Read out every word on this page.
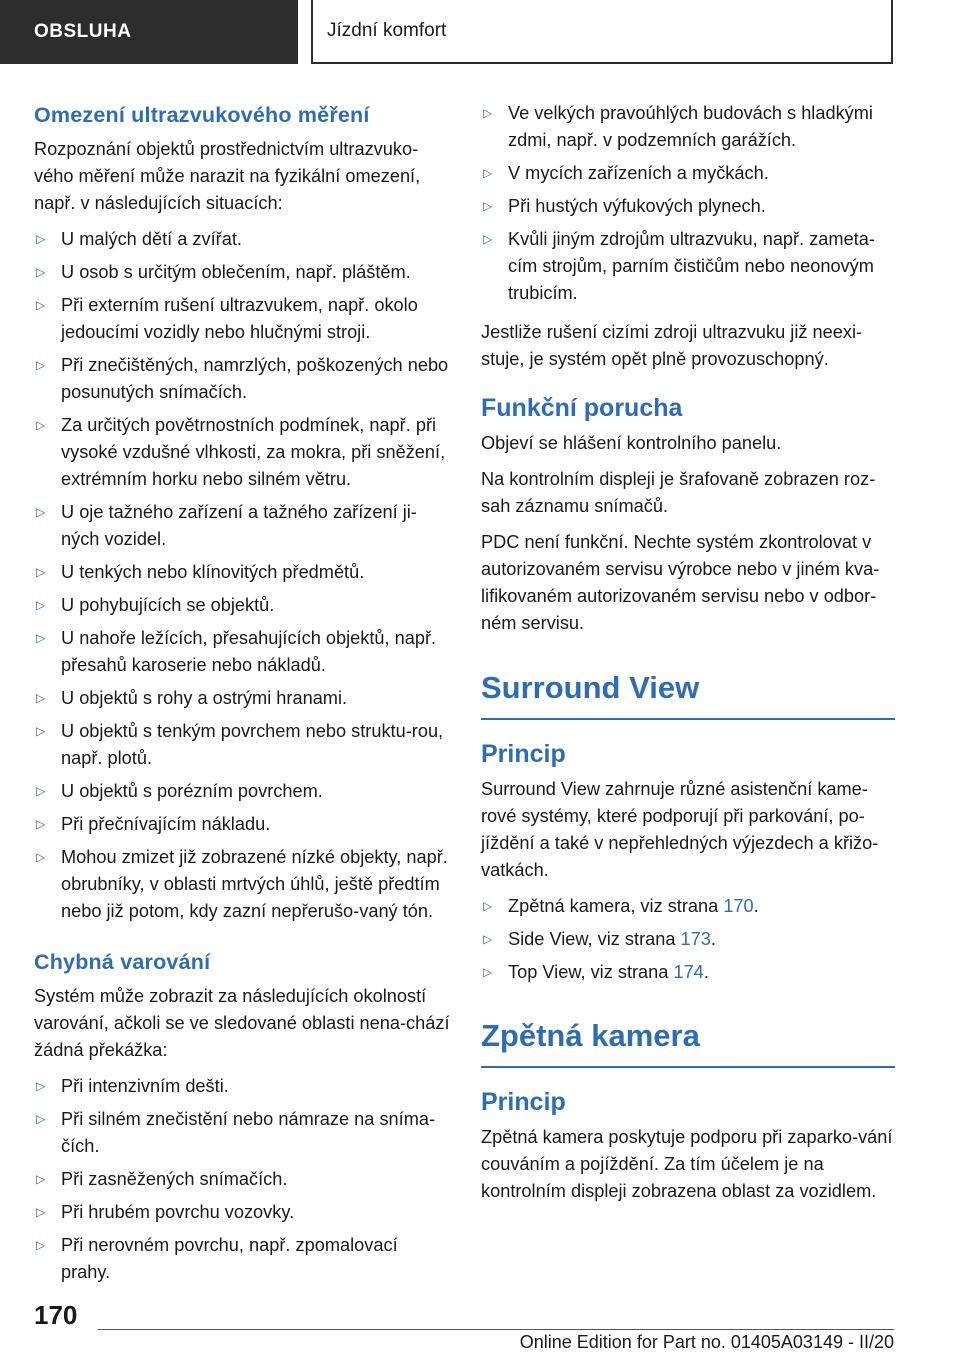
OBSLUHA	Jízdní komfort
Omezení ultrazvukového měření

Rozpoznání objektů prostřednictvím ultrazvuko-vého měření může narazit na fyzikální omezení, např. v následujících situacích:

▷ U malých dětí a zvířat.
▷ U osob s určitým oblečením, např. pláštěm.
▷ Při externím rušení ultrazvukem, např. okolo jedoucími vozidly nebo hlučnými stroji.
▷ Při znečištěných, namrzlých, poškozených nebo posunutých snímačích.
▷ Za určitých povětrnostních podmínek, např. při vysoké vzdušné vlhkosti, za mokra, při sněžení, extrémním horku nebo silném větru.
▷ U oje tažného zařízení a tažného zařízení ji-ných vozidel.
▷ U tenkých nebo klínovitých předmětů.
▷ U pohybujících se objektů.
▷ U nahoře ležících, přesahujících objektů, např. přesahů karoserie nebo nákladů.
▷ U objektů s rohy a ostrými hranami.
▷ U objektů s tenkým povrchem nebo struktu-rou, např. plotů.
▷ U objektů s porézním povrchem.
▷ Při přečnívajícím nákladu.
▷ Mohou zmizet již zobrazené nízké objekty, např. obrubníky, v oblasti mrtvých úhlů, ještě předtím nebo již potom, kdy zazní nepřerušo-vaný tón.
Chybná varování

Systém může zobrazit za následujících okolností varování, ačkoli se ve sledované oblasti nena-chází žádná překážka:

▷ Při intenzivním dešti.
▷ Při silném znečistění nebo námraze na sníma-čích.
▷ Při zasněžených snímačích.
▷ Při hrubém povrchu vozovky.
▷ Při nerovném povrchu, např. zpomalovací prahy.
▷ Ve velkých pravoúhlých budovách s hladkými zdmi, např. v podzemních garážích.
▷ V mycích zařízeních a myčkách.
▷ Při hustých výfukových plynech.
▷ Kvůli jiným zdrojům ultrazvuku, např. zameta-cím strojům, parním čističům nebo neonovým trubicím.

Jestliže rušení cizími zdroji ultrazvuku již neexi-stuje, je systém opět plně provozuschopný.

Funkční porucha

Objeví se hlášení kontrolního panelu.

Na kontrolním displeji je šrafovaně zobrazen roz-sah záznamu snímačů.

PDC není funkční. Nechte systém zkontrolovat v autorizovaném servisu výrobce nebo v jiném kva-lifikovaném autorizovaném servisu nebo v odbor-ném servisu.

Surround View
Princip

Surround View zahrnuje různé asistenční kame-rové systémy, které podporují při parkování, po-jíždění a také v nepřehledných výjezdech a křižo-vatkách.

▷ Zpětná kamera, viz strana 170.
▷ Side View, viz strana 173.
▷ Top View, viz strana 174.
Zpětná kamera
Princip

Zpětná kamera poskytuje podporu při zaparko-vání couváním a pojíždění. Za tím účelem je na kontrolním displeji zobrazena oblast za vozidlem.

170
Online Edition for Part no. 01405A03149 - II/20
